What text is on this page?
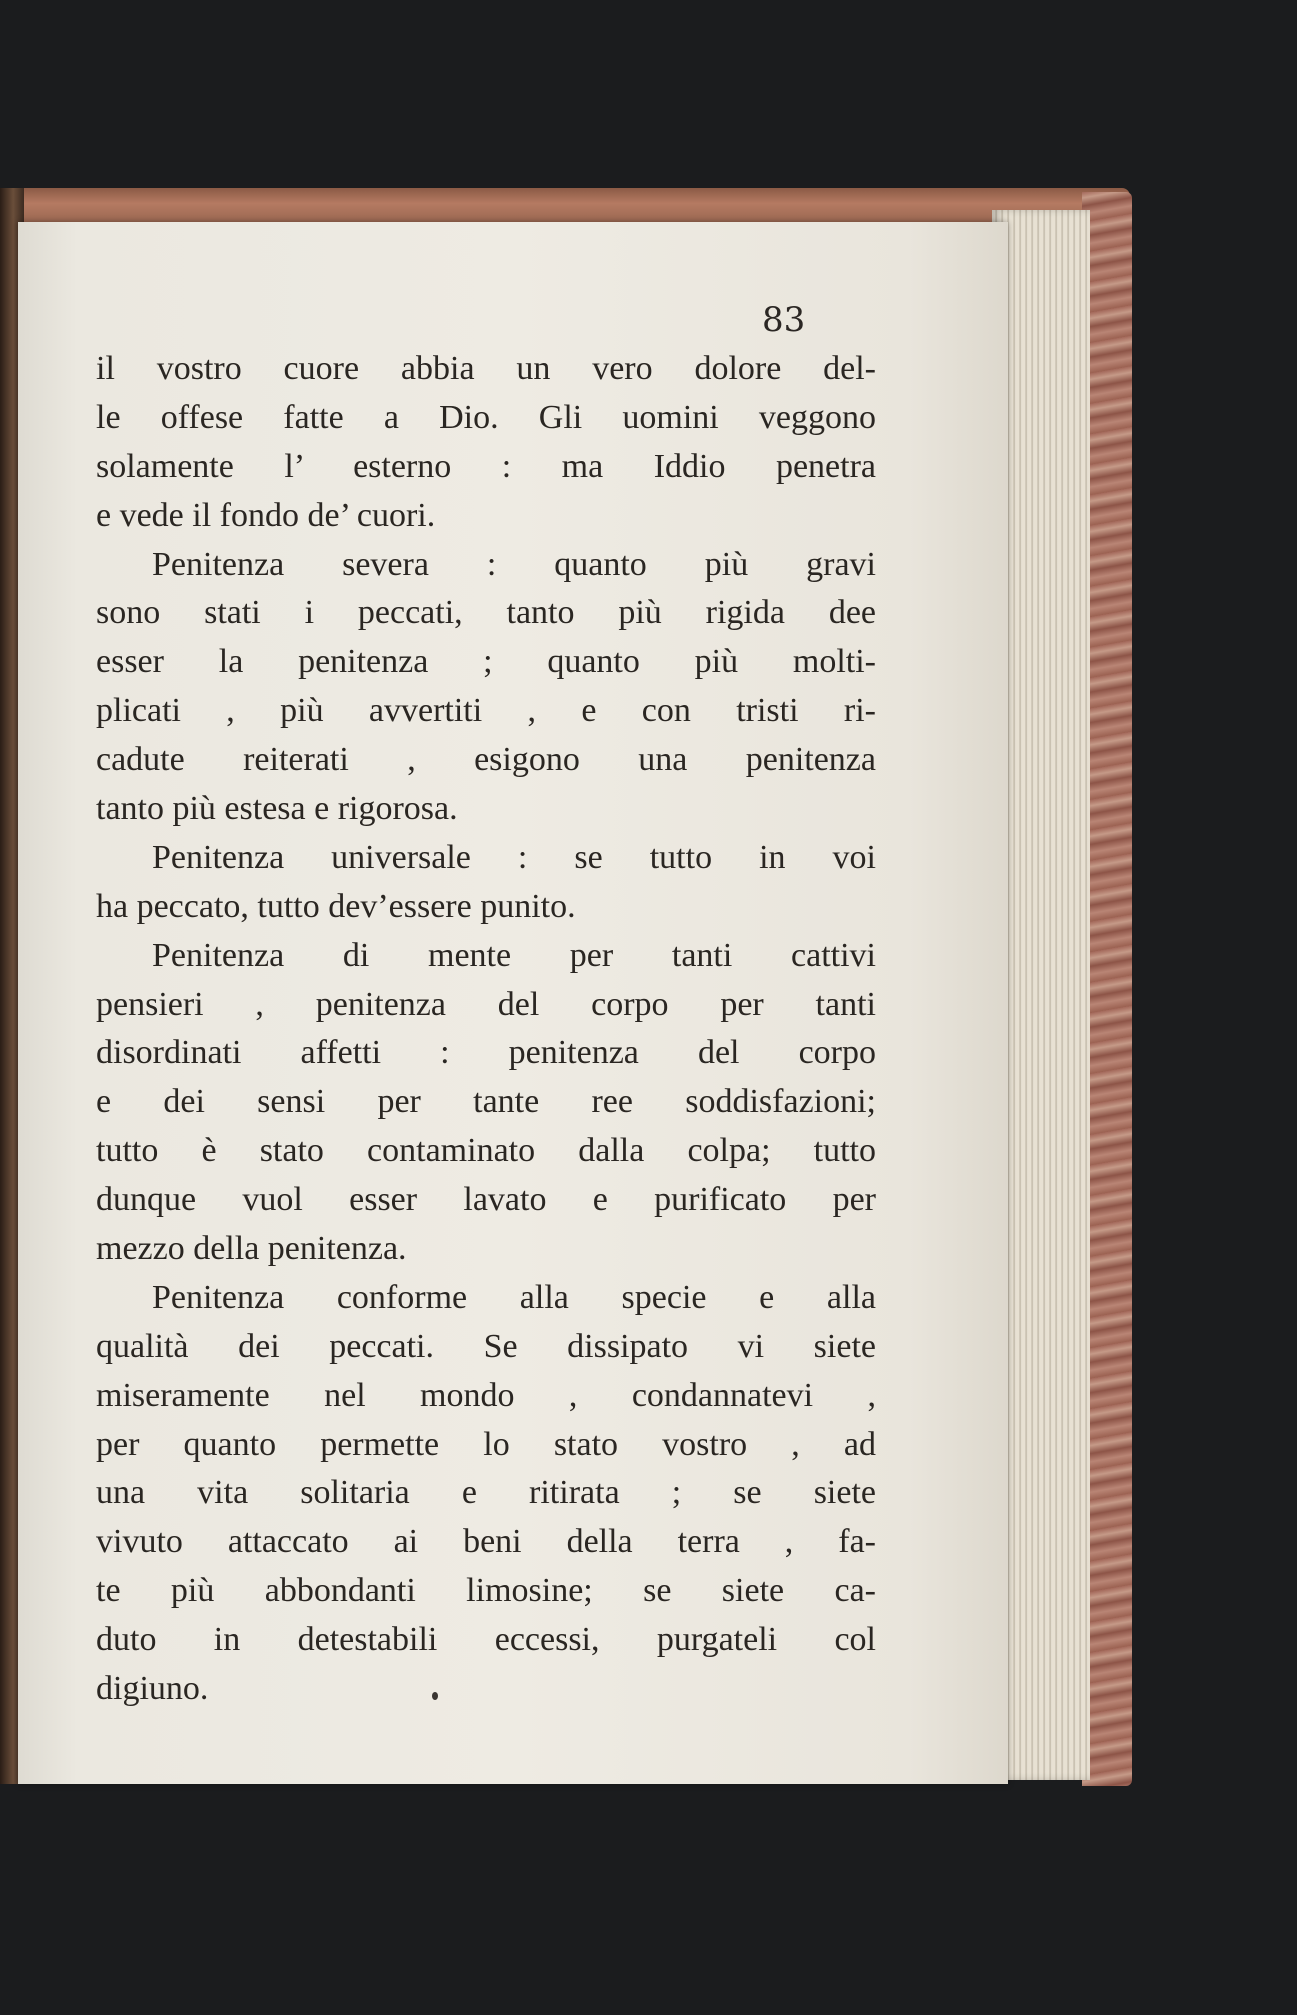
83
il vostro cuore abbia un vero dolore del-
le offese fatte a Dio. Gli uomini veggono
solamente l’ esterno : ma Iddio penetra
e vede il fondo de’ cuori.
Penitenza severa : quanto più gravi
sono stati i peccati, tanto più rigida dee
esser la penitenza ; quanto più molti-
plicati , più avvertiti , e con tristi ri-
cadute reiterati , esigono una penitenza
tanto più estesa e rigorosa.
Penitenza universale : se tutto in voi
ha peccato, tutto dev’essere punito.
Penitenza di mente per tanti cattivi
pensieri , penitenza del corpo per tanti
disordinati affetti : penitenza del corpo
e dei sensi per tante ree soddisfazioni;
tutto è stato contaminato dalla colpa; tutto
dunque vuol esser lavato e purificato per
mezzo della penitenza.
Penitenza conforme alla specie e alla
qualità dei peccati. Se dissipato vi siete
miseramente nel mondo , condannatevi ,
per quanto permette lo stato vostro , ad
una vita solitaria e ritirata ; se siete
vivuto attaccato ai beni della terra , fa-
te più abbondanti limosine; se siete ca-
duto in detestabili eccessi, purgateli col
digiuno.
